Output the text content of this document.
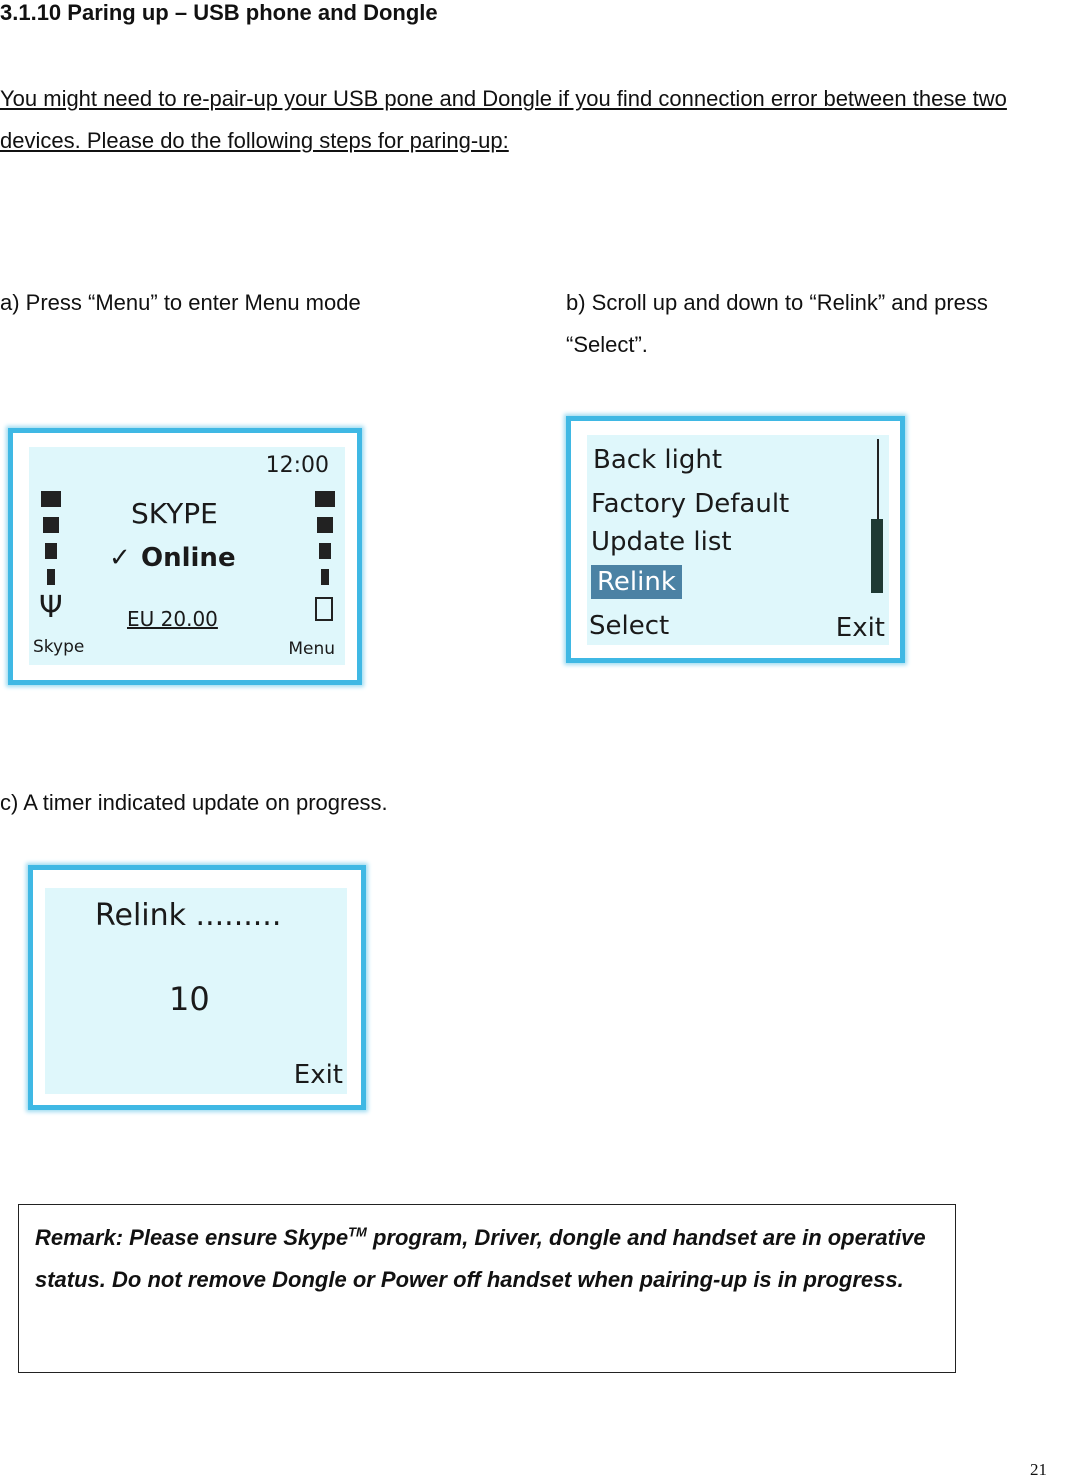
3.1.10 Paring up – USB phone and Dongle
You might need to re-pair-up your USB pone and Dongle if you find connection error between these two devices. Please do the following steps for paring-up:
a) Press “Menu” to enter Menu mode	b) Scroll up and down to “Relink” and press “Select”.
12:00
Ψ
SKYPE
✓ Online
EU 20.00
Skype	Menu
Back light
Factory Default
Update list
Relink
Select	Exit
c) A timer indicated update on progress.
Relink .........
10
Exit
Remark: Please ensure Skype™ program, Driver, dongle and handset are in operative status. Do not remove Dongle or Power off handset when pairing-up is in progress.
21
